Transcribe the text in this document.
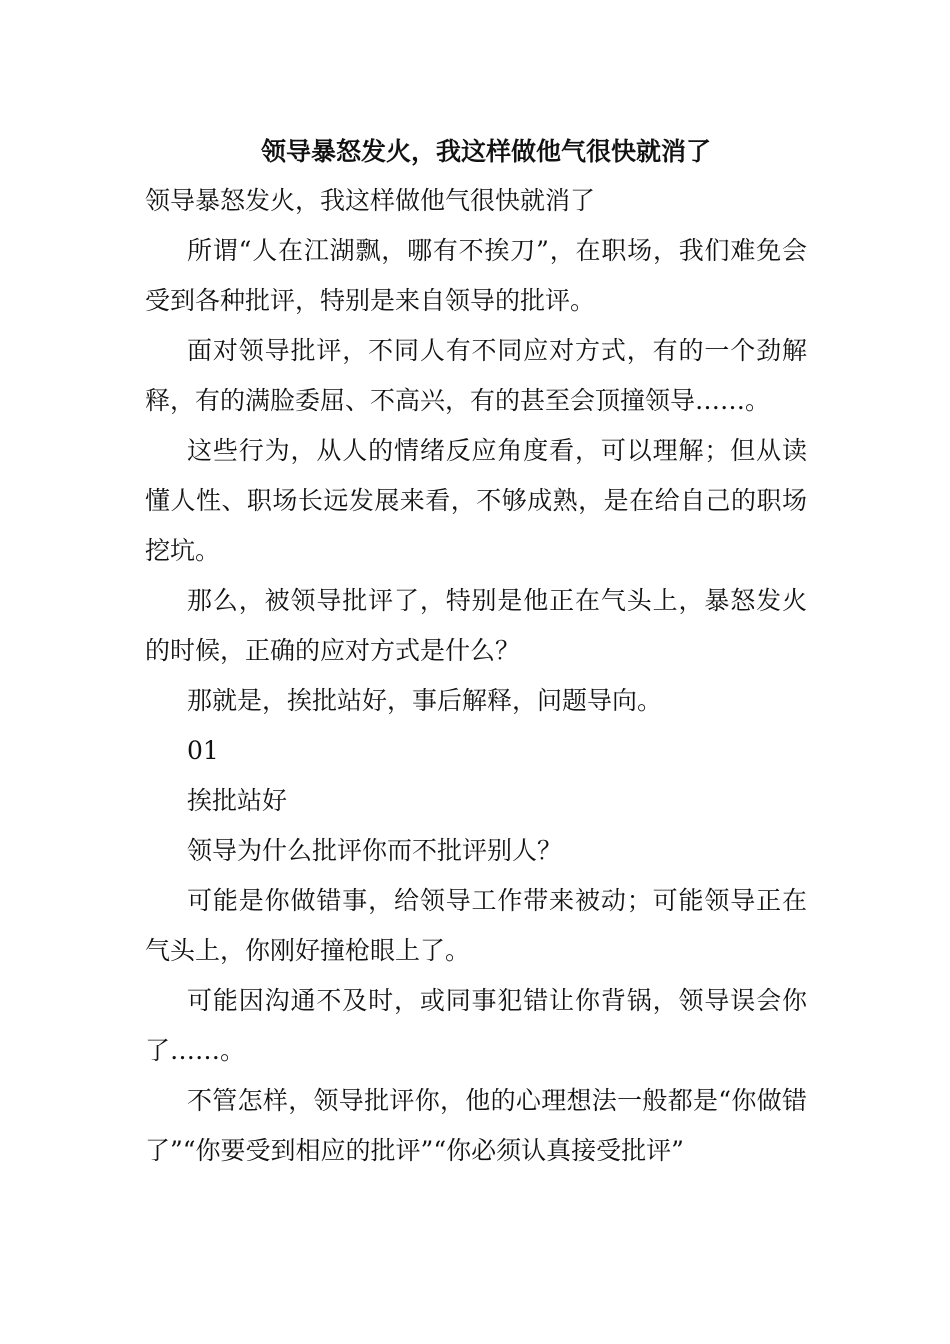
领导暴怒发火，我这样做他气很快就消了

领导暴怒发火，我这样做他气很快就消了

所谓“人在江湖飘，哪有不挨刀”，在职场，我们难免会受到各种批评，特别是来自领导的批评。

面对领导批评，不同人有不同应对方式，有的一个劲解释，有的满脸委屈、不高兴，有的甚至会顶撞领导……。

这些行为，从人的情绪反应角度看，可以理解；但从读懂人性、职场长远发展来看，不够成熟，是在给自己的职场挖坑。

那么，被领导批评了，特别是他正在气头上，暴怒发火的时候，正确的应对方式是什么？

那就是，挨批站好，事后解释，问题导向。

01

挨批站好

领导为什么批评你而不批评别人？

可能是你做错事，给领导工作带来被动；可能领导正在气头上，你刚好撞枪眼上了。

可能因沟通不及时，或同事犯错让你背锅，领导误会你了……。

不管怎样，领导批评你，他的心理想法一般都是“你做错了”“你要受到相应的批评”“你必须认真接受批评”
